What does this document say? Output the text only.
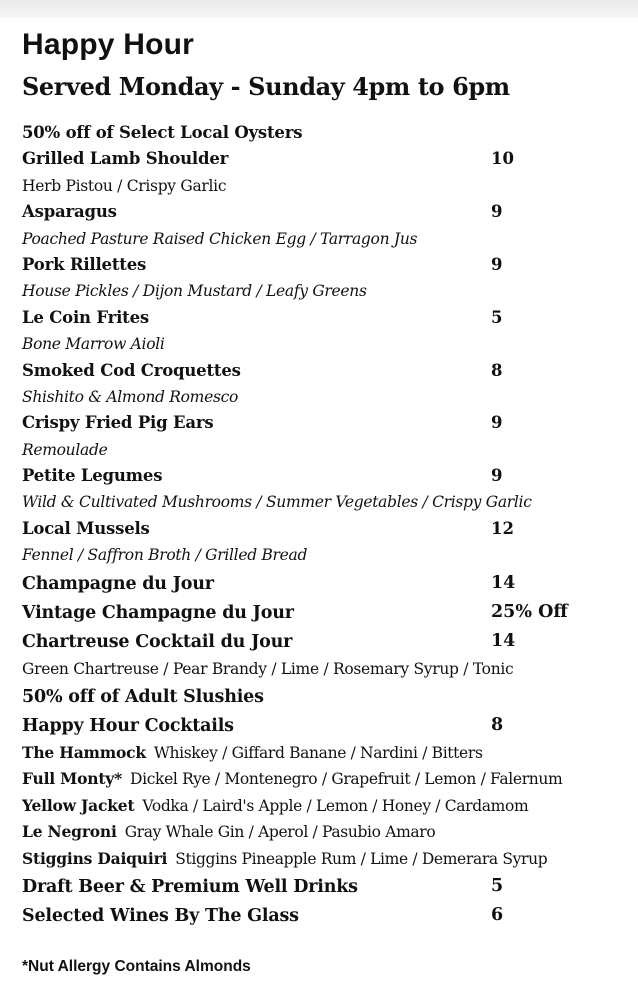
Happy Hour
Served Monday - Sunday 4pm to 6pm
50% off of Select Local Oysters
Grilled Lamb Shoulder	10
Herb Pistou / Crispy Garlic
Asparagus	9
Poached Pasture Raised Chicken Egg / Tarragon Jus
Pork Rillettes	9
House Pickles / Dijon Mustard / Leafy Greens
Le Coin Frites	5
Bone Marrow Aioli
Smoked Cod Croquettes	8
Shishito & Almond Romesco
Crispy Fried Pig Ears	9
Remoulade
Petite Legumes	9
Wild & Cultivated Mushrooms / Summer Vegetables / Crispy Garlic
Local Mussels	12
Fennel / Saffron Broth / Grilled Bread
Champagne du Jour	14
Vintage Champagne du Jour	25% Off
Chartreuse Cocktail du Jour	14
Green Chartreuse / Pear Brandy / Lime / Rosemary Syrup / Tonic
50% off of Adult Slushies
Happy Hour Cocktails	8
The Hammock Whiskey / Giffard Banane / Nardini / Bitters
Full Monty* Dickel Rye / Montenegro / Grapefruit / Lemon / Falernum
Yellow Jacket Vodka / Laird's Apple / Lemon / Honey / Cardamom
Le Negroni Gray Whale Gin / Aperol / Pasubio Amaro
Stiggins Daiquiri Stiggins Pineapple Rum / Lime / Demerara Syrup
Draft Beer & Premium Well Drinks	5
Selected Wines By The Glass	6
*Nut Allergy Contains Almonds
